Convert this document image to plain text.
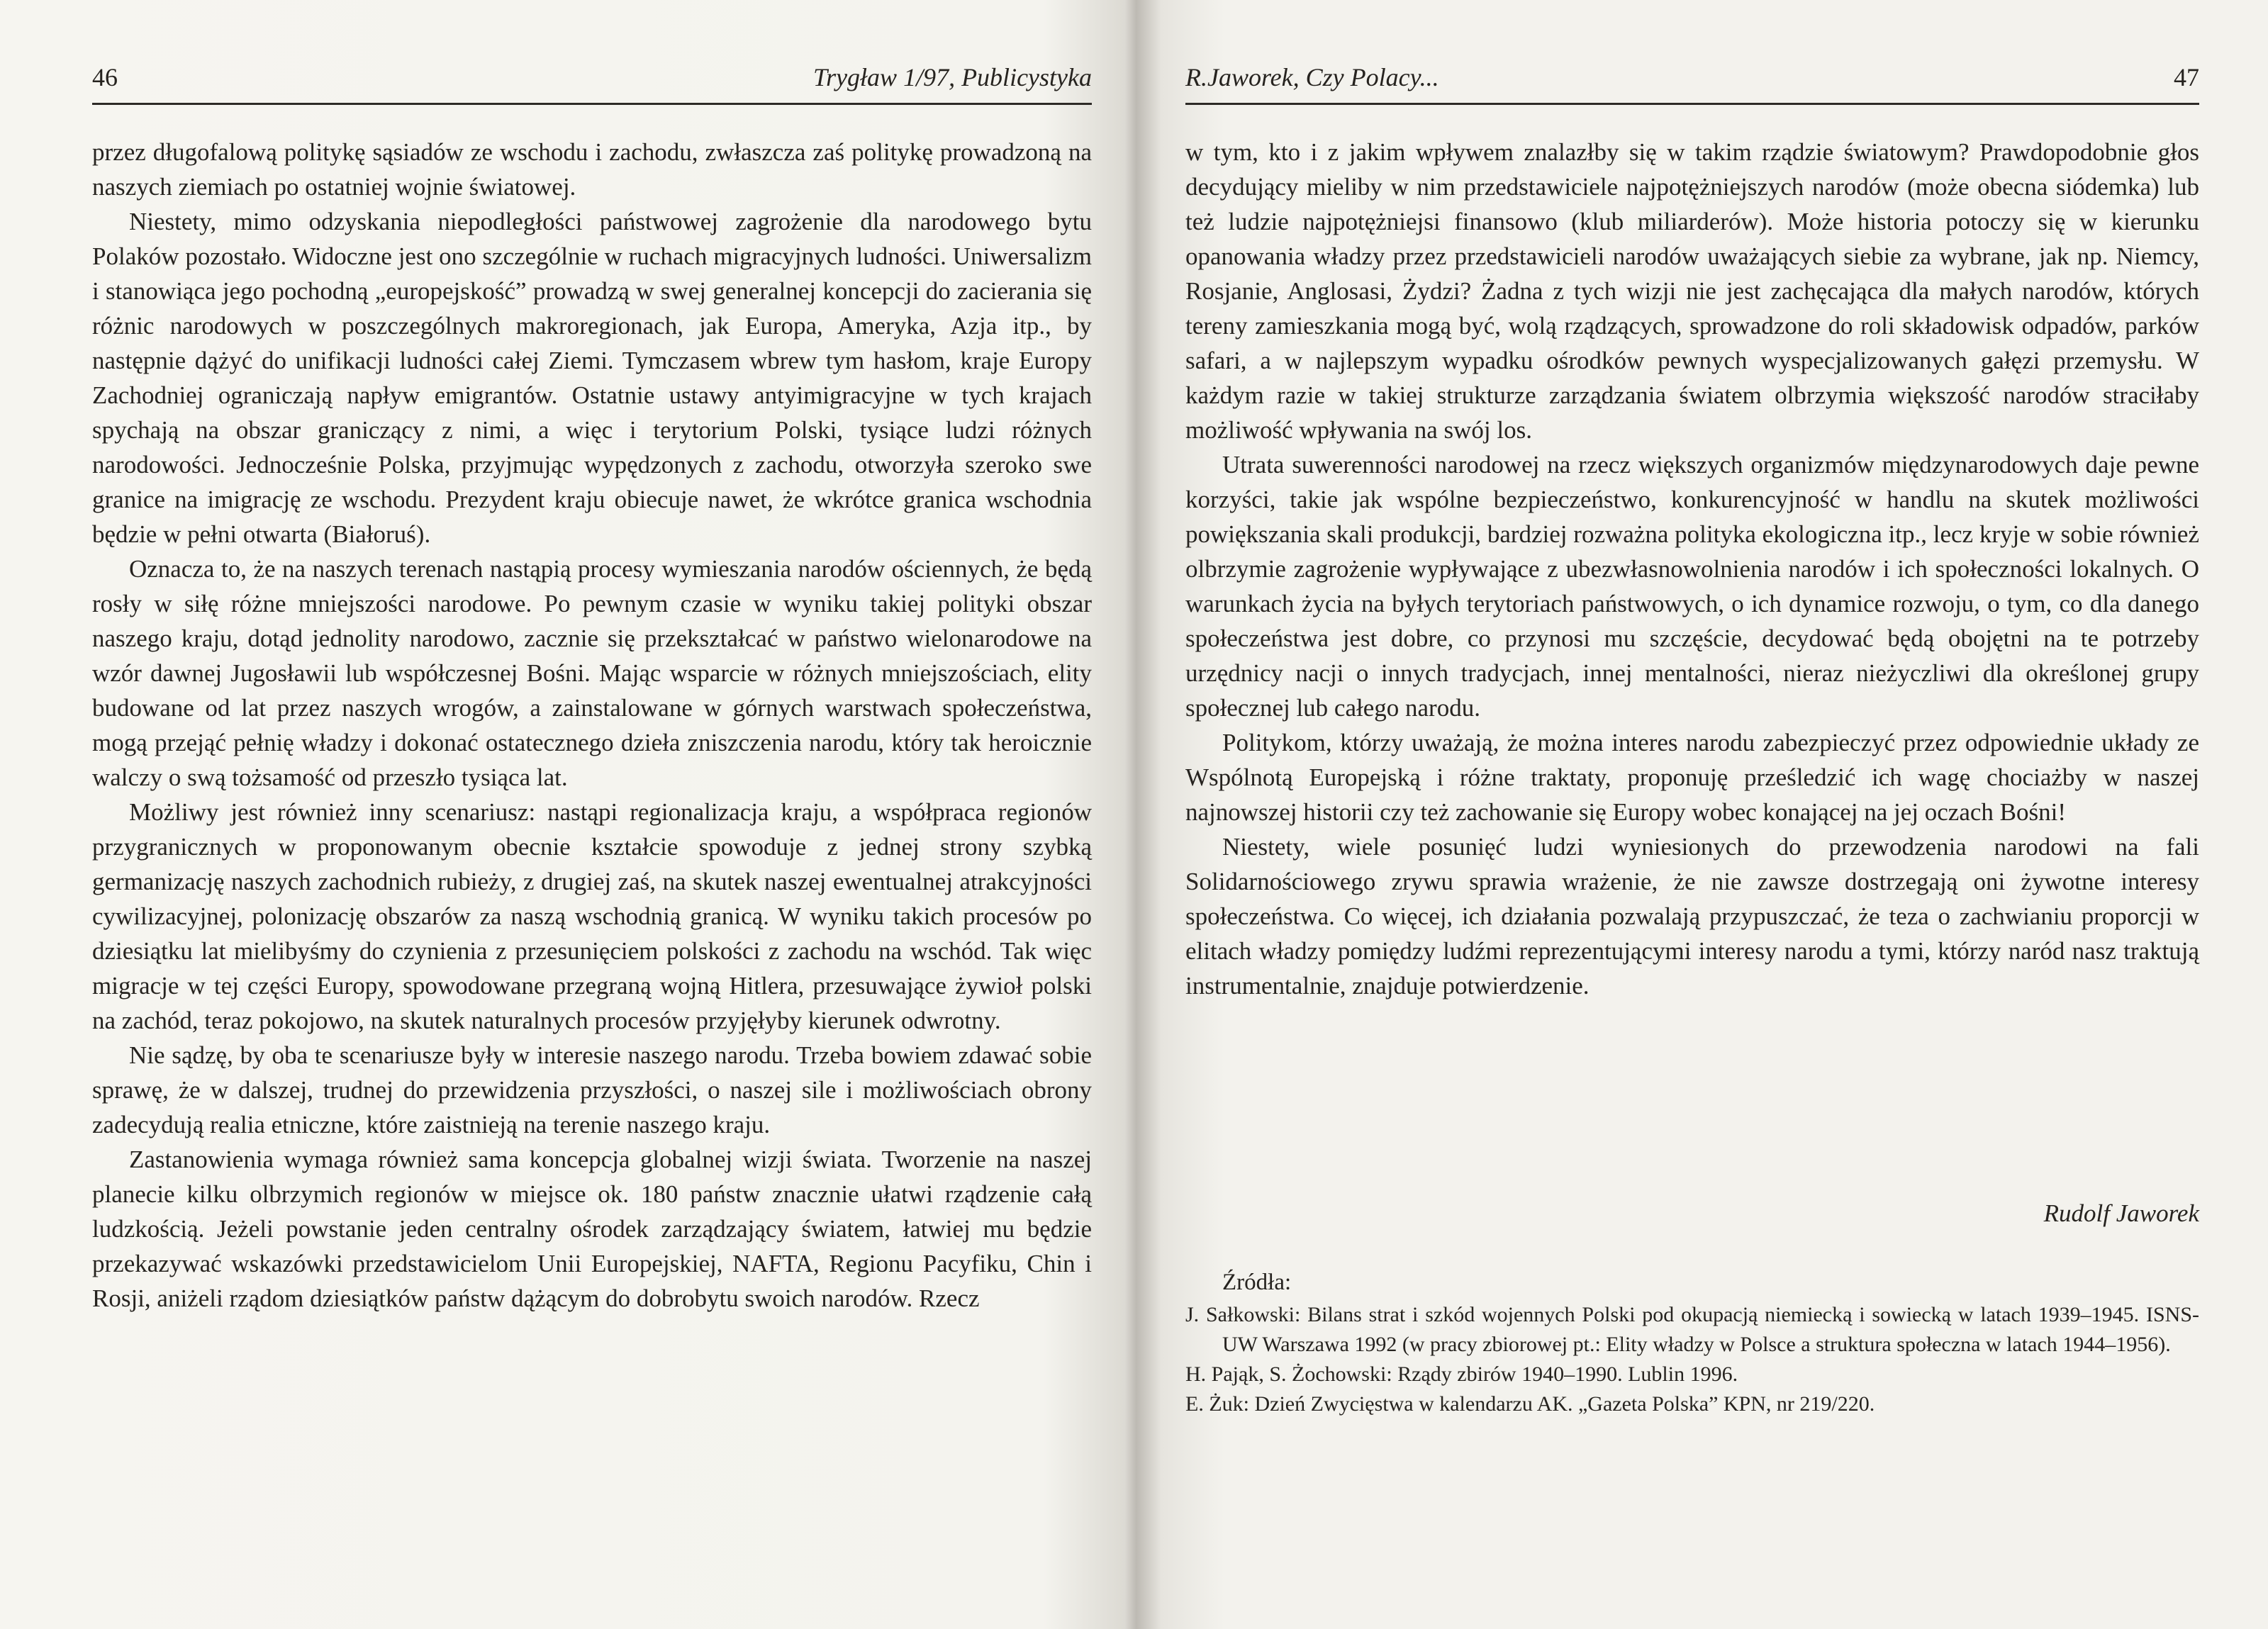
46	Trygław 1/97, Publicystyka

przez długofalową politykę sąsiadów ze wschodu i zachodu, zwłaszcza zaś politykę prowadzoną na naszych ziemiach po ostatniej wojnie światowej.

Niestety, mimo odzyskania niepodległości państwowej zagrożenie dla narodowego bytu Polaków pozostało. Widoczne jest ono szczególnie w ruchach migracyjnych ludności. Uniwersalizm i stanowiąca jego pochodną „europejskość” prowadzą w swej generalnej koncepcji do zacierania się różnic narodowych w poszczególnych makroregionach, jak Europa, Ameryka, Azja itp., by następnie dążyć do unifikacji ludności całej Ziemi. Tymczasem wbrew tym hasłom, kraje Europy Zachodniej ograniczają napływ emigrantów. Ostatnie ustawy antyimigracyjne w tych krajach spychają na obszar graniczący z nimi, a więc i terytorium Polski, tysiące ludzi różnych narodowości. Jednocześnie Polska, przyjmując wypędzonych z zachodu, otworzyła szeroko swe granice na imigrację ze wschodu. Prezydent kraju obiecuje nawet, że wkrótce granica wschodnia będzie w pełni otwarta (Białoruś).

Oznacza to, że na naszych terenach nastąpią procesy wymieszania narodów ościennych, że będą rosły w siłę różne mniejszości narodowe. Po pewnym czasie w wyniku takiej polityki obszar naszego kraju, dotąd jednolity narodowo, zacznie się przekształcać w państwo wielonarodowe na wzór dawnej Jugosławii lub współczesnej Bośni. Mając wsparcie w różnych mniejszościach, elity budowane od lat przez naszych wrogów, a zainstalowane w górnych warstwach społeczeństwa, mogą przejąć pełnię władzy i dokonać ostatecznego dzieła zniszczenia narodu, który tak heroicznie walczy o swą tożsamość od przeszło tysiąca lat.

Możliwy jest również inny scenariusz: nastąpi regionalizacja kraju, a współpraca regionów przygranicznych w proponowanym obecnie kształcie spowoduje z jednej strony szybką germanizację naszych zachodnich rubieży, z drugiej zaś, na skutek naszej ewentualnej atrakcyjności cywilizacyjnej, polonizację obszarów za naszą wschodnią granicą. W wyniku takich procesów po dziesiątku lat mielibyśmy do czynienia z przesunięciem polskości z zachodu na wschód. Tak więc migracje w tej części Europy, spowodowane przegraną wojną Hitlera, przesuwające żywioł polski na zachód, teraz pokojowo, na skutek naturalnych procesów przyjęłyby kierunek odwrotny.

Nie sądzę, by oba te scenariusze były w interesie naszego narodu. Trzeba bowiem zdawać sobie sprawę, że w dalszej, trudnej do przewidzenia przyszłości, o naszej sile i możliwościach obrony zadecydują realia etniczne, które zaistnieją na terenie naszego kraju.

Zastanowienia wymaga również sama koncepcja globalnej wizji świata. Tworzenie na naszej planecie kilku olbrzymich regionów w miejsce ok. 180 państw znacznie ułatwi rządzenie całą ludzkością. Jeżeli powstanie jeden centralny ośrodek zarządzający światem, łatwiej mu będzie przekazywać wskazówki przedstawicielom Unii Europejskiej, NAFTA, Regionu Pacyfiku, Chin i Rosji, aniżeli rządom dziesiątków państw dążącym do dobrobytu swoich narodów. Rzecz

R.Jaworek, Czy Polacy...	47

w tym, kto i z jakim wpływem znalazłby się w takim rządzie światowym? Prawdopodobnie głos decydujący mieliby w nim przedstawiciele najpotężniejszych narodów (może obecna siódemka) lub też ludzie najpotężniejsi finansowo (klub miliarderów). Może historia potoczy się w kierunku opanowania władzy przez przedstawicieli narodów uważających siebie za wybrane, jak np. Niemcy, Rosjanie, Anglosasi, Żydzi? Żadna z tych wizji nie jest zachęcająca dla małych narodów, których tereny zamieszkania mogą być, wolą rządzących, sprowadzone do roli składowisk odpadów, parków safari, a w najlepszym wypadku ośrodków pewnych wyspecjalizowanych gałęzi przemysłu. W każdym razie w takiej strukturze zarządzania światem olbrzymia większość narodów straciłaby możliwość wpływania na swój los.

Utrata suwerenności narodowej na rzecz większych organizmów międzynarodowych daje pewne korzyści, takie jak wspólne bezpieczeństwo, konkurencyjność w handlu na skutek możliwości powiększania skali produkcji, bardziej rozważna polityka ekologiczna itp., lecz kryje w sobie również olbrzymie zagrożenie wypływające z ubezwłasnowolnienia narodów i ich społeczności lokalnych. O warunkach życia na byłych terytoriach państwowych, o ich dynamice rozwoju, o tym, co dla danego społeczeństwa jest dobre, co przynosi mu szczęście, decydować będą obojętni na te potrzeby urzędnicy nacji o innych tradycjach, innej mentalności, nieraz nieżyczliwi dla określonej grupy społecznej lub całego narodu.

Politykom, którzy uważają, że można interes narodu zabezpieczyć przez odpowiednie układy ze Wspólnotą Europejską i różne traktaty, proponuję prześledzić ich wagę chociażby w naszej najnowszej historii czy też zachowanie się Europy wobec konającej na jej oczach Bośni!

Niestety, wiele posunięć ludzi wyniesionych do przewodzenia narodowi na fali Solidarnościowego zrywu sprawia wrażenie, że nie zawsze dostrzegają oni żywotne interesy społeczeństwa. Co więcej, ich działania pozwalają przypuszczać, że teza o zachwianiu proporcji w elitach władzy pomiędzy ludźmi reprezentującymi interesy narodu a tymi, którzy naród nasz traktują instrumentalnie, znajduje potwierdzenie.

Rudolf Jaworek
Źródła:

J. Sałkowski: Bilans strat i szkód wojennych Polski pod okupacją niemiecką i sowiecką w latach 1939–1945. ISNS-UW Warszawa 1992 (w pracy zbiorowej pt.: Elity władzy w Polsce a struktura społeczna w latach 1944–1956).

H. Pająk, S. Żochowski: Rządy zbirów 1940–1990. Lublin 1996.

E. Żuk: Dzień Zwycięstwa w kalendarzu AK. „Gazeta Polska” KPN, nr 219/220.
